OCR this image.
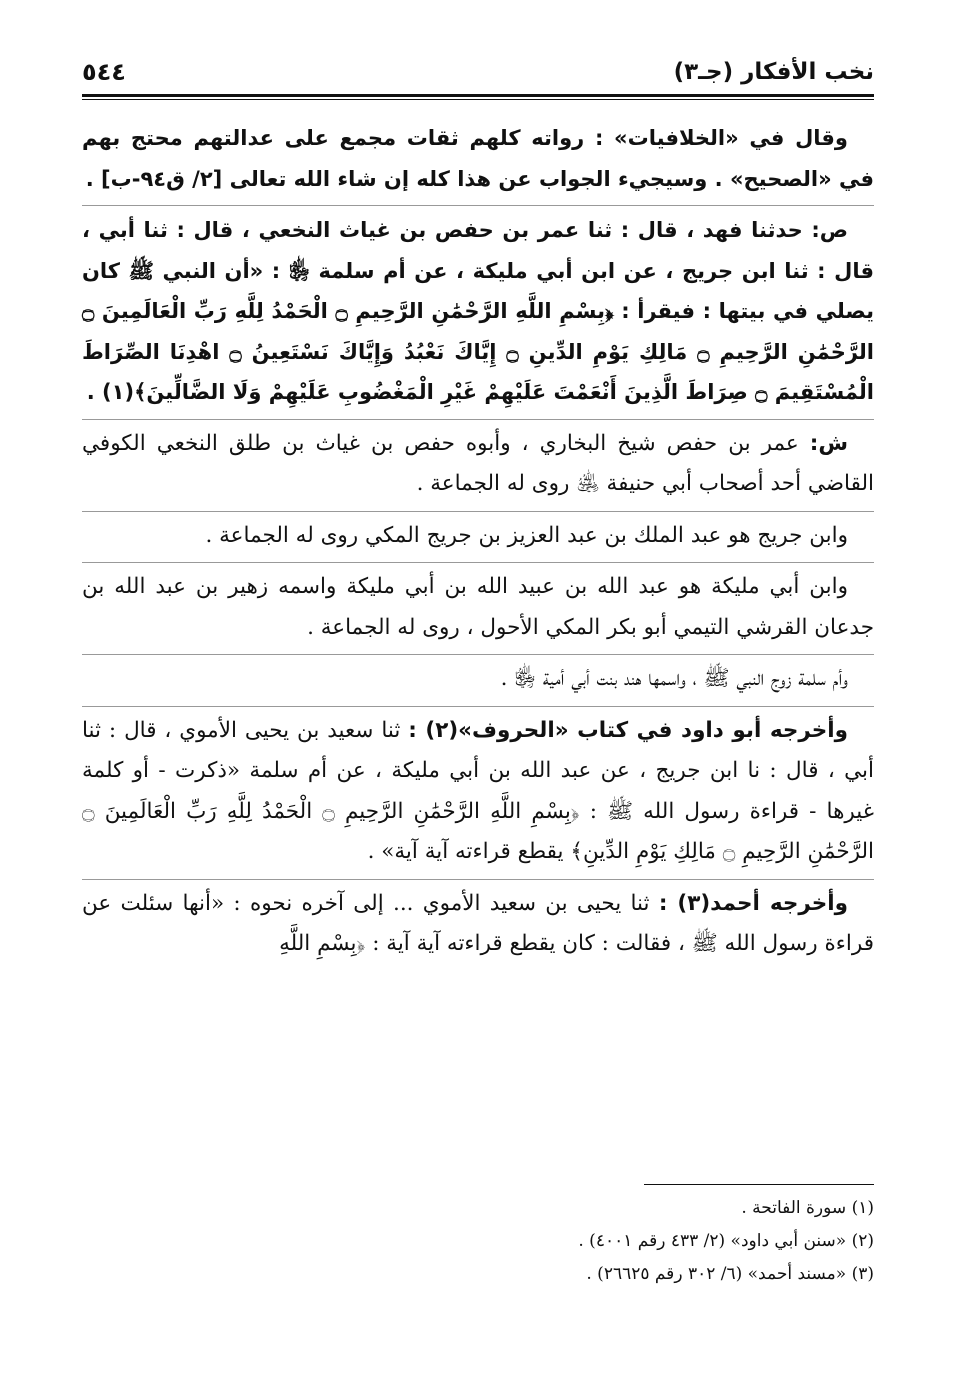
نخب الأفكار (جـ٣)
٥٤٤

وقال في «الخلافيات» : رواته كلهم ثقات مجمع على عدالتهم محتج بهم في «الصحيح» . وسيجيء الجواب عن هذا كله إن شاء الله تعالى [٢/ ق٩٤-ب] .

ص: حدثنا فهد ، قال : ثنا عمر بن حفص بن غياث النخعي ، قال : ثنا أبي ، قال : ثنا ابن جريج ، عن ابن أبي مليكة ، عن أم سلمة ﵂ : «أن النبي ﷺ كان يصلي في بيتها : فيقرأ : ﴿بِسْمِ اللَّهِ الرَّحْمَٰنِ الرَّحِيمِ ۝ الْحَمْدُ لِلَّهِ رَبِّ الْعَالَمِينَ ۝ الرَّحْمَٰنِ الرَّحِيمِ ۝ مَالِكِ يَوْمِ الدِّينِ ۝ إِيَّاكَ نَعْبُدُ وَإِيَّاكَ نَسْتَعِينُ ۝ اهْدِنَا الصِّرَاطَ الْمُسْتَقِيمَ ۝ صِرَاطَ الَّذِينَ أَنْعَمْتَ عَلَيْهِمْ غَيْرِ الْمَغْضُوبِ عَلَيْهِمْ وَلَا الضَّالِّينَ﴾(١) .

ش: عمر بن حفص شيخ البخاري ، وأبوه حفص بن غياث بن طلق النخعي الكوفي القاضي أحد أصحاب أبي حنيفة ﵁ روى له الجماعة .

وابن جريج هو عبد الملك بن عبد العزيز بن جريج المكي روى له الجماعة .

وابن أبي مليكة هو عبد الله بن عبيد الله بن أبي مليكة واسمه زهير بن عبد الله بن جدعان القرشي التيمي أبو بكر المكي الأحول ، روى له الجماعة .

وأم سلمة زوج النبي ﷺ ، واسمها هند بنت أبي أمية ﵂ .

وأخرجه أبو داود في كتاب «الحروف»(٢) : ثنا سعيد بن يحيى الأموي ، قال : ثنا أبي ، قال : نا ابن جريج ، عن عبد الله بن أبي مليكة ، عن أم سلمة «ذكرت - أو كلمة غيرها - قراءة رسول الله ﷺ : ﴿بِسْمِ اللَّهِ الرَّحْمَٰنِ الرَّحِيمِ ۝ الْحَمْدُ لِلَّهِ رَبِّ الْعَالَمِينَ ۝ الرَّحْمَٰنِ الرَّحِيمِ ۝ مَالِكِ يَوْمِ الدِّينِ﴾ يقطع قراءته آية آية» .

وأخرجه أحمد(٣) : ثنا يحيى بن سعيد الأموي ... إلى آخره نحوه : «أنها سئلت عن قراءة رسول الله ﷺ ، فقالت : كان يقطع قراءته آية آية : ﴿بِسْمِ اللَّهِ

(١) سورة الفاتحة .
(٢) «سنن أبي داود» (٢/ ٤٣٣ رقم ٤٠٠١) .
(٣) «مسند أحمد» (٦/ ٣٠٢ رقم ٢٦٦٢٥) .
